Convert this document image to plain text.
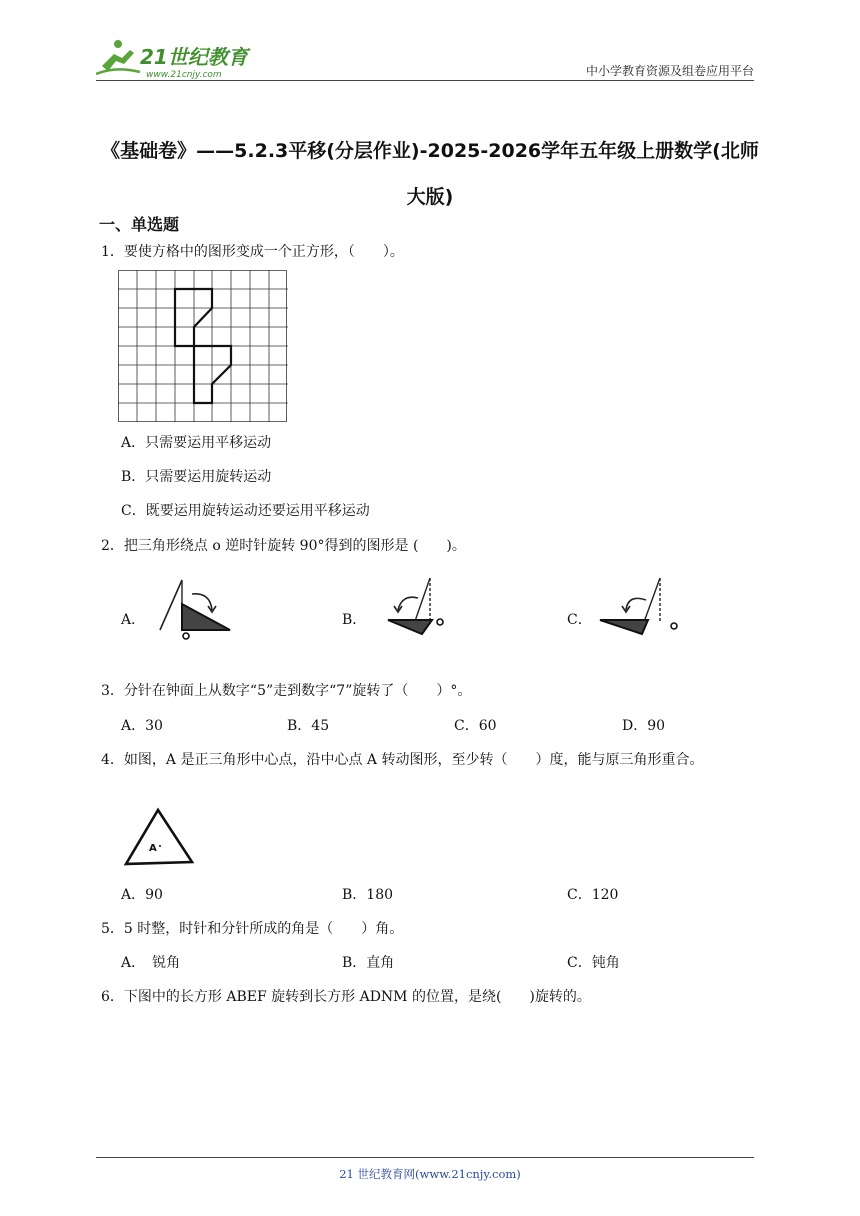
21世纪教育
www.21cnjy.com	中小学教育资源及组卷应用平台
《基础卷》——5.2.3平移(分层作业)-2025-2026学年五年级上册数学(北师大版)
一、单选题
1．要使方格中的图形变成一个正方形，（　　）。
A．只需要运用平移运动
B．只需要运用旋转运动
C．既要运用旋转运动还要运用平移运动
2．把三角形绕点 o 逆时针旋转 90°得到的图形是 (　　)。
A．	B．	C．
3．分针在钟面上从数字“5”走到数字“7”旋转了（　　）°。
A．30	B．45	C．60	D．90
4．如图，A 是正三角形中心点，沿中心点 A 转动图形，至少转（　　）度，能与原三角形重合。
A
A．90	B．180	C．120
5．5 时整，时针和分针所成的角是（　　）角。
A．　锐角	B．直角	C．钝角
6．下图中的长方形 ABEF 旋转到长方形 ADNM 的位置，是绕(　　)旋转的。
21 世纪教育网(www.21cnjy.com)
